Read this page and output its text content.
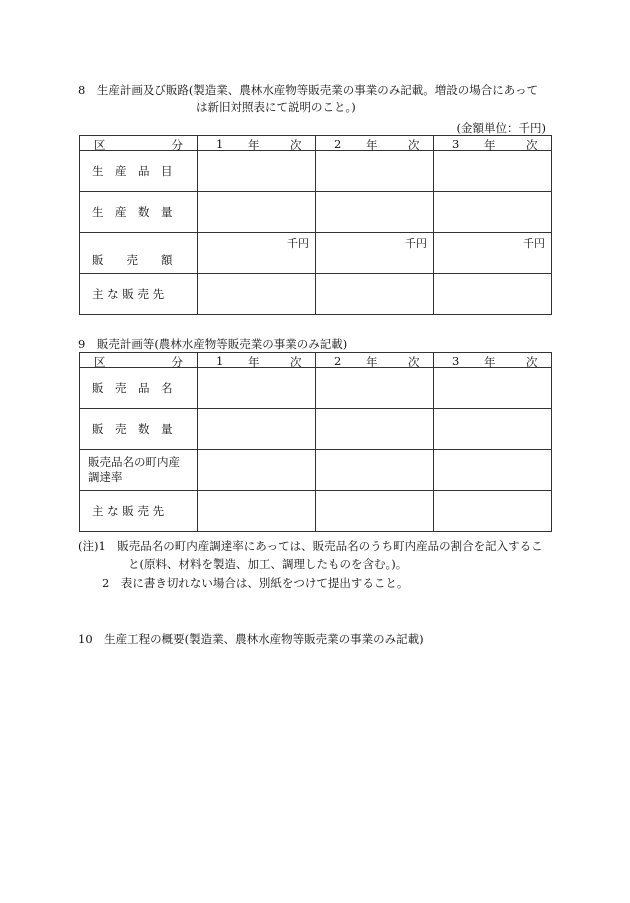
8　生産計画及び販路(製造業、農林水産物等販売業の事業のみ記載。増設の場合にあって
は新旧対照表にて説明のこと。)
(金額単位：千円)
区 分	1 年 次	2 年 次	3 年 次

生　産　品　目			
生　産　数　量			
販　　売　　額	千円	千円	千円

主 な 販 売 先			
9　販売計画等(農林水産物等販売業の事業のみ記載)
区 分	1 年 次	2 年 次	3 年 次

販　売　品　名			
販　売　数　量			

販売品名の町内産
調達率			

主 な 販 売 先			
(注)1　販売品名の町内産調達率にあっては、販売品名のうち町内産品の割合を記入するこ
と(原料、材料を製造、加工、調理したものを含む。)。
2　表に書き切れない場合は、別紙をつけて提出すること。
10　生産工程の概要(製造業、農林水産物等販売業の事業のみ記載)
